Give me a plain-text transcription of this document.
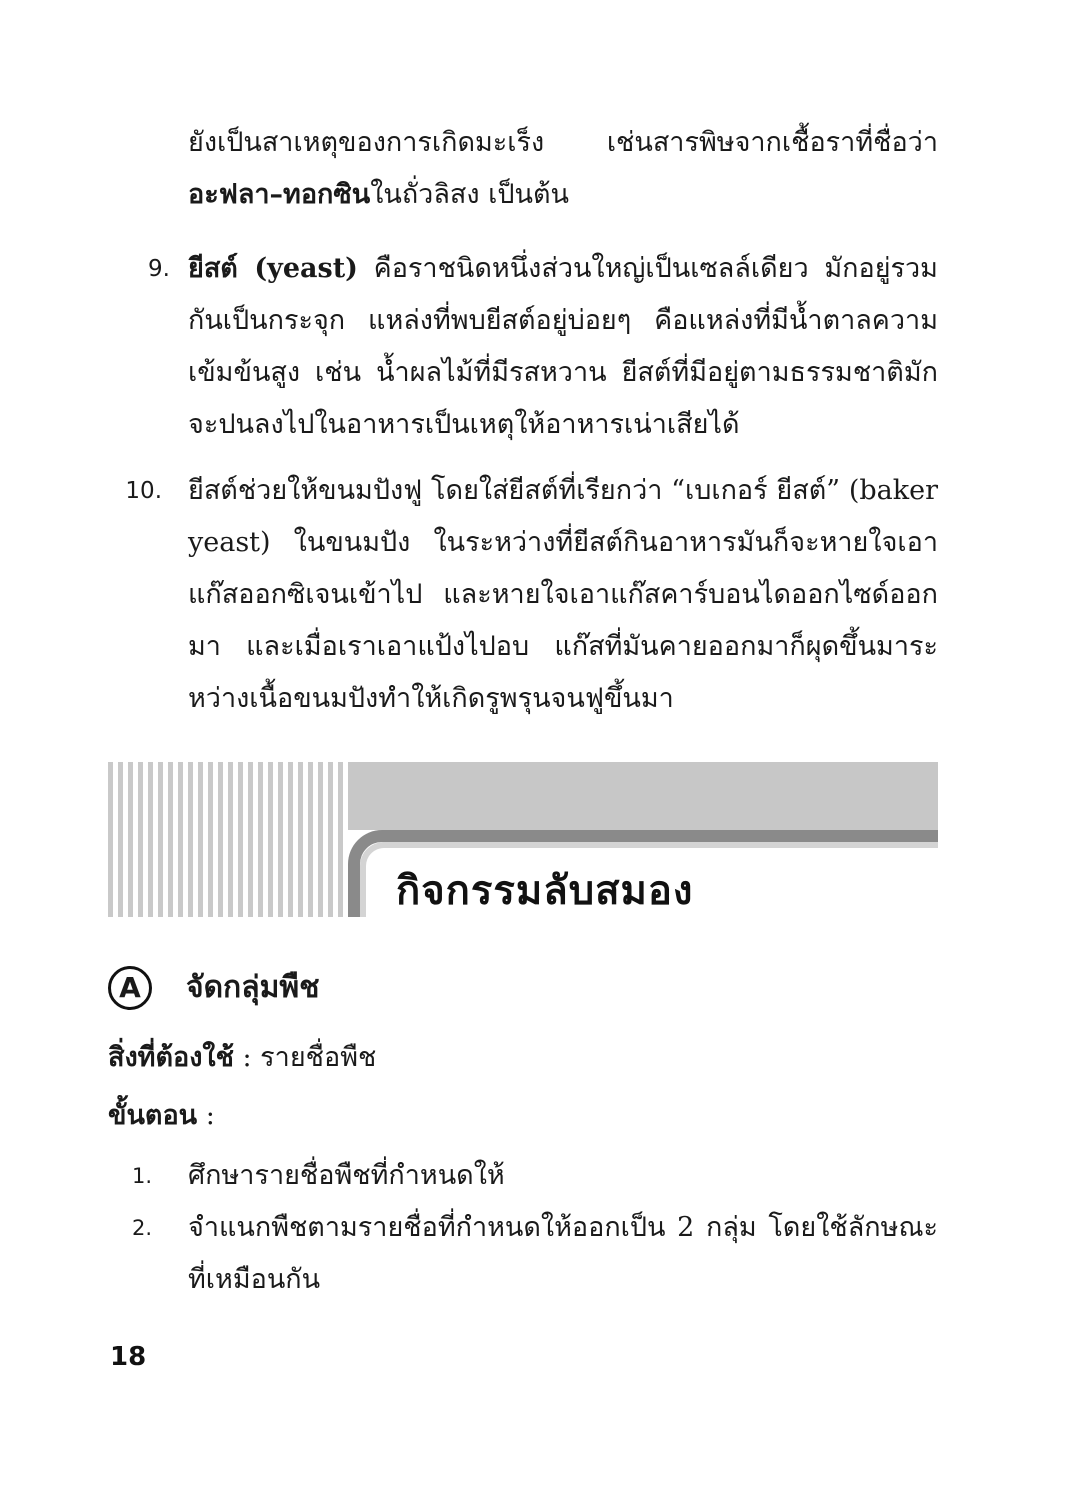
ยังเป็นสาเหตุของการเกิดมะเร็ง เช่นสารพิษจากเชื้อราที่ชื่อว่า อะฟลา–ทอกซินในถั่วลิสง เป็นต้น
9. ยีสต์ (yeast) คือราชนิดหนึ่งส่วนใหญ่เป็นเซลล์เดียว มักอยู่รวมกันเป็นกระจุก แหล่งที่พบยีสต์อยู่บ่อยๆ คือแหล่งที่มีน้ำตาลความเข้มข้นสูง เช่น น้ำผลไม้ที่มีรสหวาน ยีสต์ที่มีอยู่ตามธรรมชาติมักจะปนลงไปในอาหารเป็นเหตุให้อาหารเน่าเสียได้
10. ยีสต์ช่วยให้ขนมปังฟู โดยใส่ยีสต์ที่เรียกว่า “เบเกอร์ ยีสต์” (baker yeast) ในขนมปัง ในระหว่างที่ยีสต์กินอาหารมันก็จะหายใจเอาแก๊สออกซิเจนเข้าไป และหายใจเอาแก๊สคาร์บอนไดออกไซด์ออกมา และเมื่อเราเอาแป้งไปอบ แก๊สที่มันคายออกมาก็ผุดขึ้นมาระหว่างเนื้อขนมปังทำให้เกิดรูพรุนจนฟูขึ้นมา
กิจกรรมลับสมอง
A	จัดกลุ่มพืช
สิ่งที่ต้องใช้ : รายชื่อพืช
ขั้นตอน :
1. ศึกษารายชื่อพืชที่กำหนดให้
2. จำแนกพืชตามรายชื่อที่กำหนดให้ออกเป็น 2 กลุ่ม โดยใช้ลักษณะที่เหมือนกัน
18
